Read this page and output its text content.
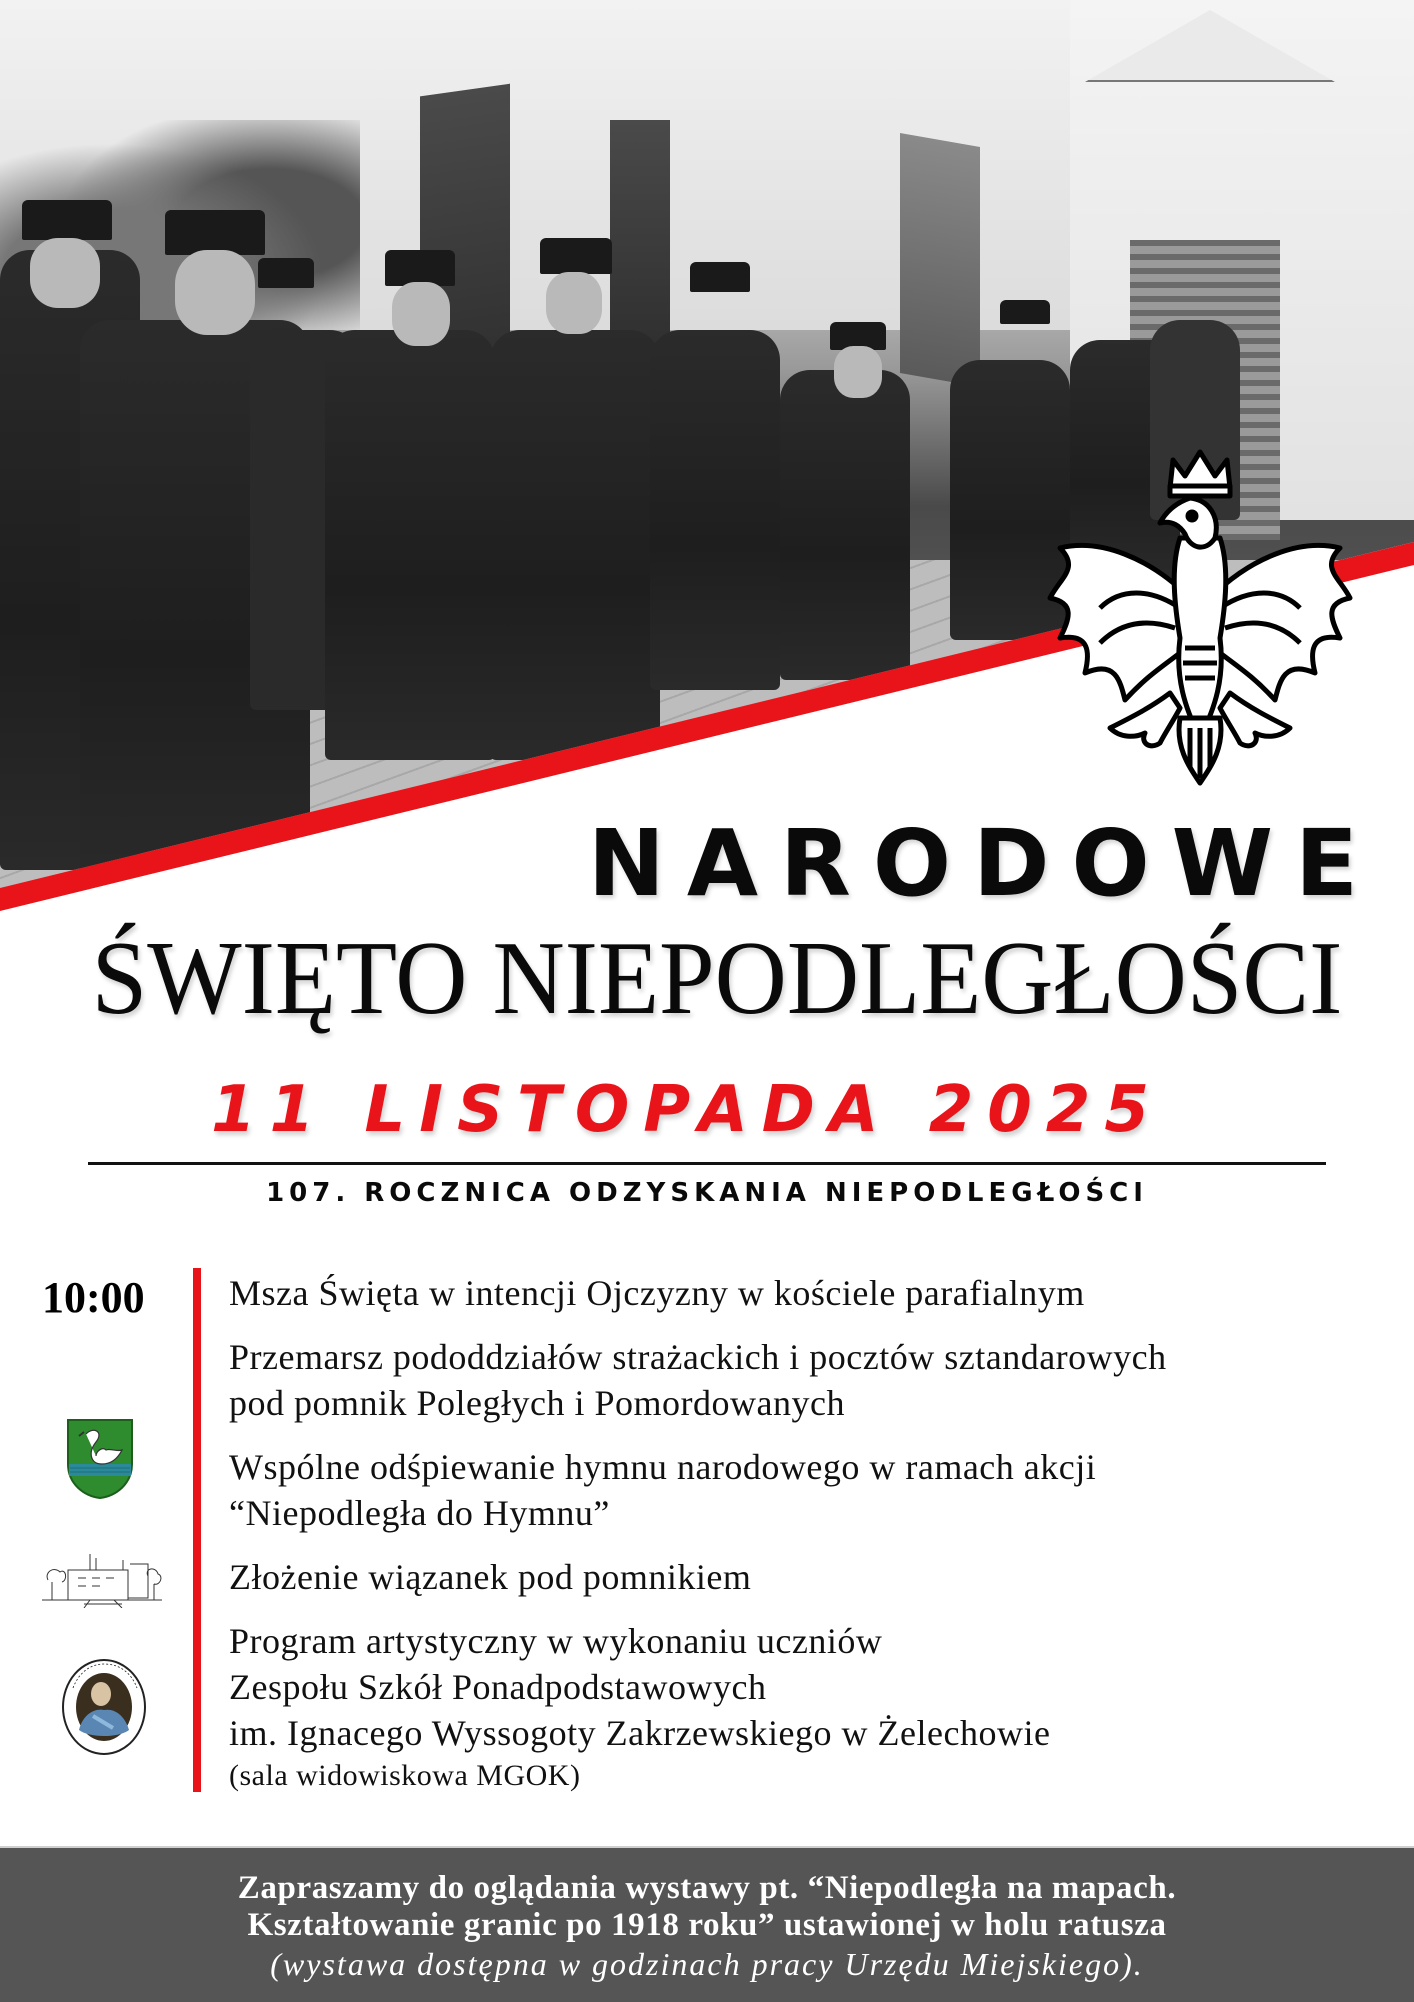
NARODOWE
ŚWIĘTO NIEPODLEGŁOŚCI
11 LISTOPADA 2025
107. ROCZNICA ODZYSKANIA NIEPODLEGŁOŚCI
10:00	Msza Święta w intencji Ojczyzny w kościele parafialnym
Przemarsz pododdziałów strażackich i pocztów sztandarowych
pod pomnik Poległych i Pomordowanych
Wspólne odśpiewanie hymnu narodowego w ramach akcji
“Niepodległa do Hymnu”
Złożenie wiązanek pod pomnikiem
Program artystyczny w wykonaniu uczniów
Zespołu Szkół Ponadpodstawowych
im. Ignacego Wyssogoty Zakrzewskiego w Żelechowie
(sala widowiskowa MGOK)
Zapraszamy do oglądania wystawy pt. “Niepodległa na mapach.
Kształtowanie granic po 1918 roku” ustawionej w holu ratusza
(wystawa dostępna w godzinach pracy Urzędu Miejskiego).
